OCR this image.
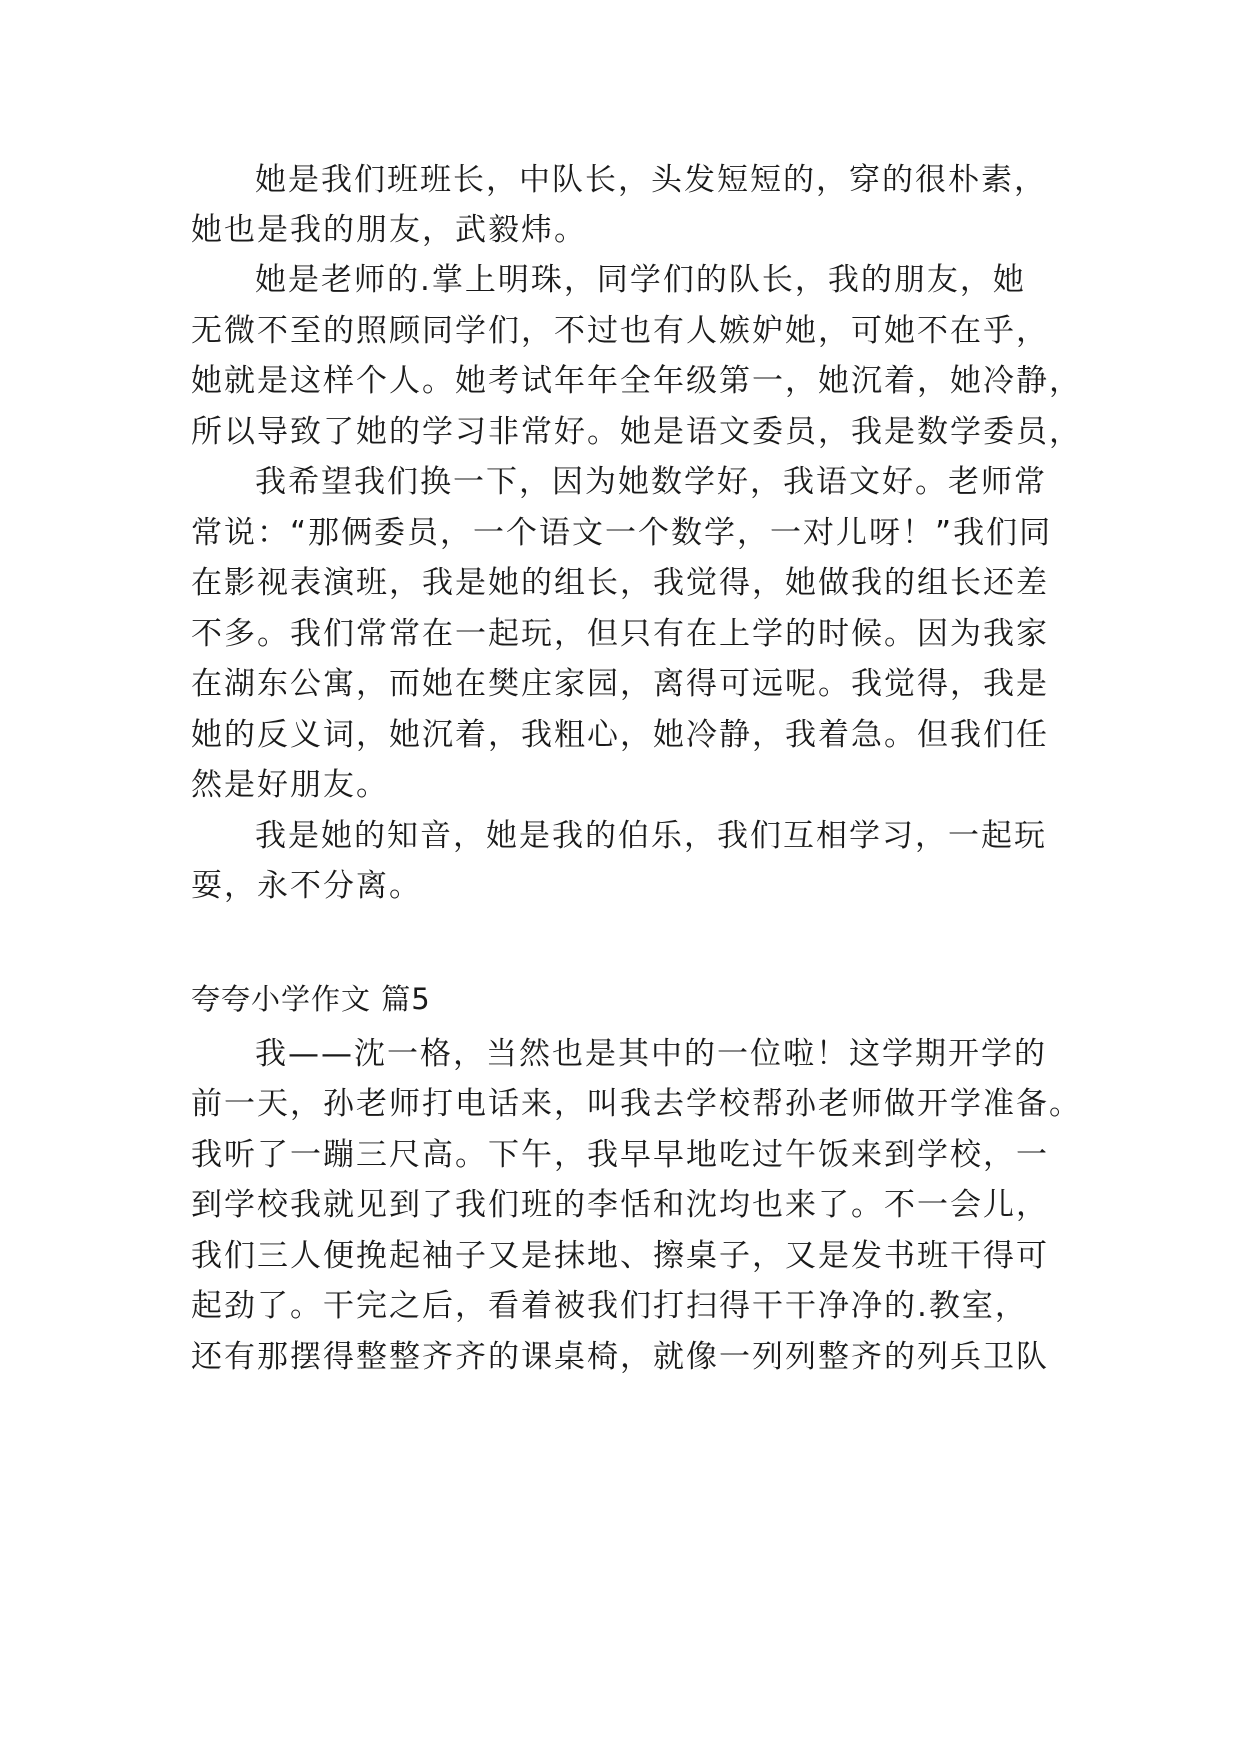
她是我们班班长，中队长，头发短短的，穿的很朴素，
她也是我的朋友，武毅炜。
她是老师的.掌上明珠，同学们的队长，我的朋友，她
无微不至的照顾同学们，不过也有人嫉妒她，可她不在乎，
她就是这样个人。她考试年年全年级第一，她沉着，她冷静，
所以导致了她的学习非常好。她是语文委员，我是数学委员，
我希望我们换一下，因为她数学好，我语文好。老师常
常说：“那俩委员，一个语文一个数学，一对儿呀！”我们同
在影视表演班，我是她的组长，我觉得，她做我的组长还差
不多。我们常常在一起玩，但只有在上学的时候。因为我家
在湖东公寓，而她在樊庄家园，离得可远呢。我觉得，我是
她的反义词，她沉着，我粗心，她冷静，我着急。但我们任
然是好朋友。
我是她的知音，她是我的伯乐，我们互相学习，一起玩
耍，永不分离。
夸夸小学作文 篇5
我——沈一格，当然也是其中的一位啦！这学期开学的
前一天，孙老师打电话来，叫我去学校帮孙老师做开学准备。
我听了一蹦三尺高。下午，我早早地吃过午饭来到学校，一
到学校我就见到了我们班的李恬和沈均也来了。不一会儿，
我们三人便挽起袖子又是抹地、擦桌子，又是发书班干得可
起劲了。干完之后，看着被我们打扫得干干净净的.教室，
还有那摆得整整齐齐的课桌椅，就像一列列整齐的列兵卫队
